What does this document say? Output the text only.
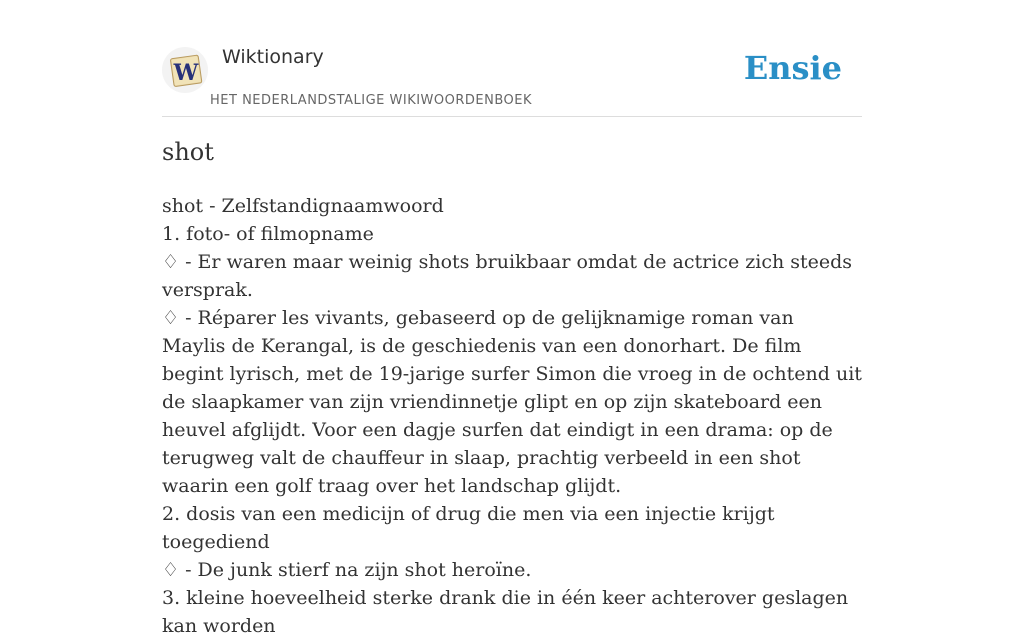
W
Wiktionary
HET NEDERLANDSTALIGE WIKIWOORDENBOEK
Ensie
shot
shot - Zelfstandignaamwoord
1. foto- of filmopname
♢ - Er waren maar weinig shots bruikbaar omdat de actrice zich steeds versprak.
♢ - Réparer les vivants, gebaseerd op de gelijknamige roman van Maylis de Kerangal, is de geschiedenis van een donorhart. De film begint lyrisch, met de 19-jarige surfer Simon die vroeg in de ochtend uit de slaapkamer van zijn vriendinnetje glipt en op zijn skateboard een heuvel afglijdt. Voor een dagje surfen dat eindigt in een drama: op de terugweg valt de chauffeur in slaap, prachtig verbeeld in een shot waarin een golf traag over het landschap glijdt.
2. dosis van een medicijn of drug die men via een injectie krijgt toegediend
♢ - De junk stierf na zijn shot heroïne.
3. kleine hoeveelheid sterke drank die in één keer achterover geslagen kan worden
